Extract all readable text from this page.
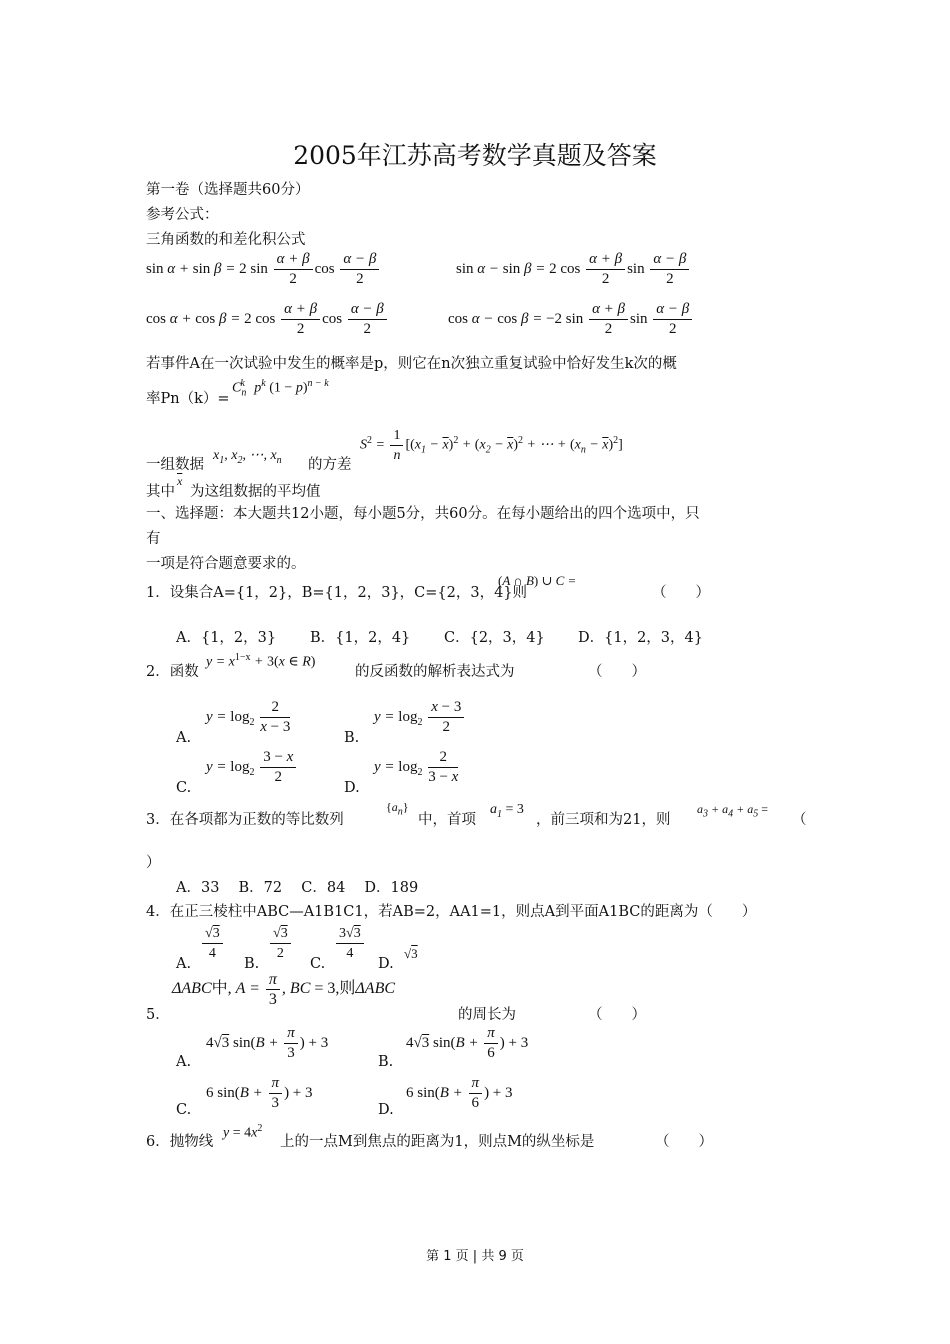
2005年江苏高考数学真题及答案
第一卷（选择题共60分）
参考公式：
三角函数的和差化积公式
sin α + sin β = 2 $\sin \frac{\alpha + \beta}{2}$ $\cos \frac{\alpha - \beta}{2}$	sin α − sin β = 2 $\cos \frac{\alpha + \beta}{2}$ $\sin \frac{\alpha - \beta}{2}$
cos α + cos β = 2 $\cos \frac{\alpha + \beta}{2}$ $\cos \frac{\alpha - \beta}{2}$	cos α − cos β = −2 $\sin \frac{\alpha + \beta}{2}$ $\sin \frac{\alpha - \beta}{2}$
若事件A在一次试验中发生的概率是p，则它在n次独立重复试验中恰好发生k次的概
率Pn（k）=
$C_n^k$ $p^k$ $(1 - p)^{n - k}$
一组数据
$x_1$, $x_2$, ⋯, $x_n$ 的方差
$S^2 = \frac{1}{n} [(x_1 - \overline{x})^2 + (x_2 - \overline{x})^2$ + ⋯ + $(x_n - \overline{x})^2$]
其中
$\overline{x}$
为这组数据的平均值
一、选择题：本大题共12小题，每小题5分，共60分。在每小题给出的四个选项中，只
有
一项是符合题意要求的。
1．设集合A={1，2}，B={1，2，3}，C={2，3，4}则
(A ∩ B) ∪ C =
（　　）
A．{1，2，3} B．{1，2，4} C．{2，3，4} D．{1，2，3，4}
2．函数
$y = x^{1-x} + 3(x$ ∈ R)
的反函数的解析表达式为	（　　）
A.
$y = \log_2 \frac{2}{x - 3}$
B.
$y = \log_2 \frac{x - 3}{2}$
C.
$y = \log_2 \frac{3 - x}{2}$
D.
$y = \log_2 \frac{2}{3 - x}$
3．在各项都为正数的等比数列
$\{a_n\}$
中，首项
$a_1 = 3$
，前三项和为21，则
$a_3 + a_4 + a_5$ =
（
）
A．33　 B．72　 C．84　 D．189
4．在正三棱柱中ABC—A1B1C1，若AB=2，AA1=1，则点A到平面A1BC的距离为（　　）
A.
$\frac{√3}{4}$
B.
$\frac{√3}{2}$
C.
$\frac{3√3}{4}$
D.
√3
5．
ΔABC中, $A = \frac{\pi}{3}$ , BC = 3,则ΔABC
的周长为	（　　）
A.
4√3 $\sin(B + \frac{\pi}{3}$ ) + 3
B.
4√3 $\sin(B + \frac{\pi}{6}$ ) + 3
C.
6 $\sin(B + \frac{\pi}{3}$ ) + 3
D.
6 $\sin(B + \frac{\pi}{6}$ ) + 3
6．抛物线
$y = 4x^2$
上的一点M到焦点的距离为1，则点M的纵坐标是	（　　）
第 1 页 | 共 9 页
